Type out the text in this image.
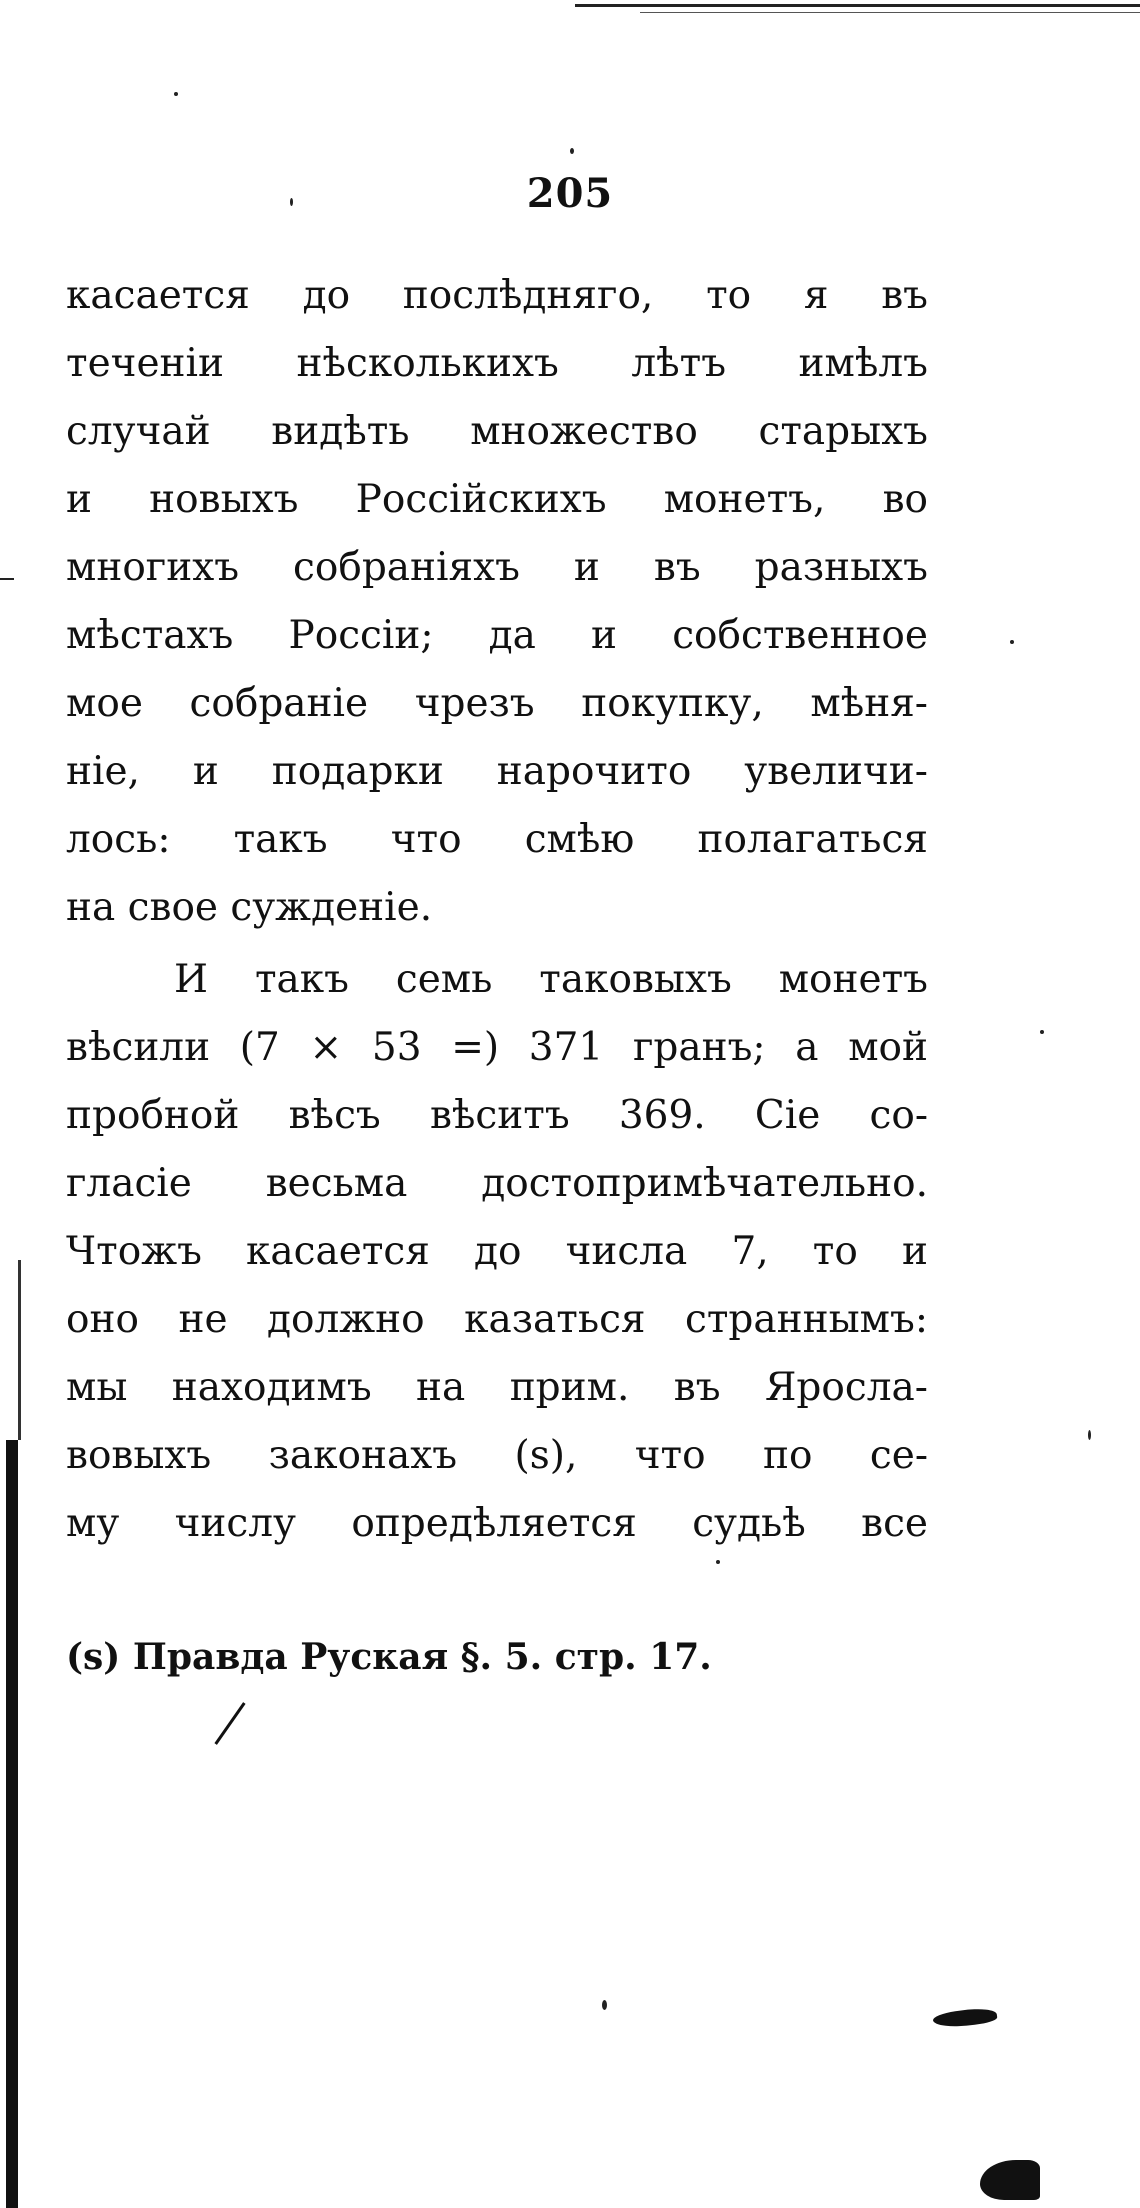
205
касается до послѣдняго, то я въ
теченіи нѣсколькихъ лѣтъ имѣлъ
случай видѣть множество старыхъ
и новыхъ Россійскихъ монетъ, во
многихъ собраніяхъ и въ разныхъ
мѣстахъ Россіи; да и собственное
мое собраніе чрезъ покупку, мѣня-
ніе, и подарки нарочито увеличи-
лось: такъ что смѣю полагаться
на свое сужденіе.
И такъ семь таковыхъ монетъ
вѣсили (7 × 53 =) 371 гранъ; а мой
пробной вѣсъ вѣситъ 369. Сіе со-
гласіе весьма достопримѣчательно.
Чтожъ касается до числа 7, то и
оно не должно казаться страннымъ:
мы находимъ на прим. въ Яросла-
вовыхъ законахъ (s), что по се-
му числу опредѣляется судьѣ все
(s) Правда Руская §. 5. стр. 17.
